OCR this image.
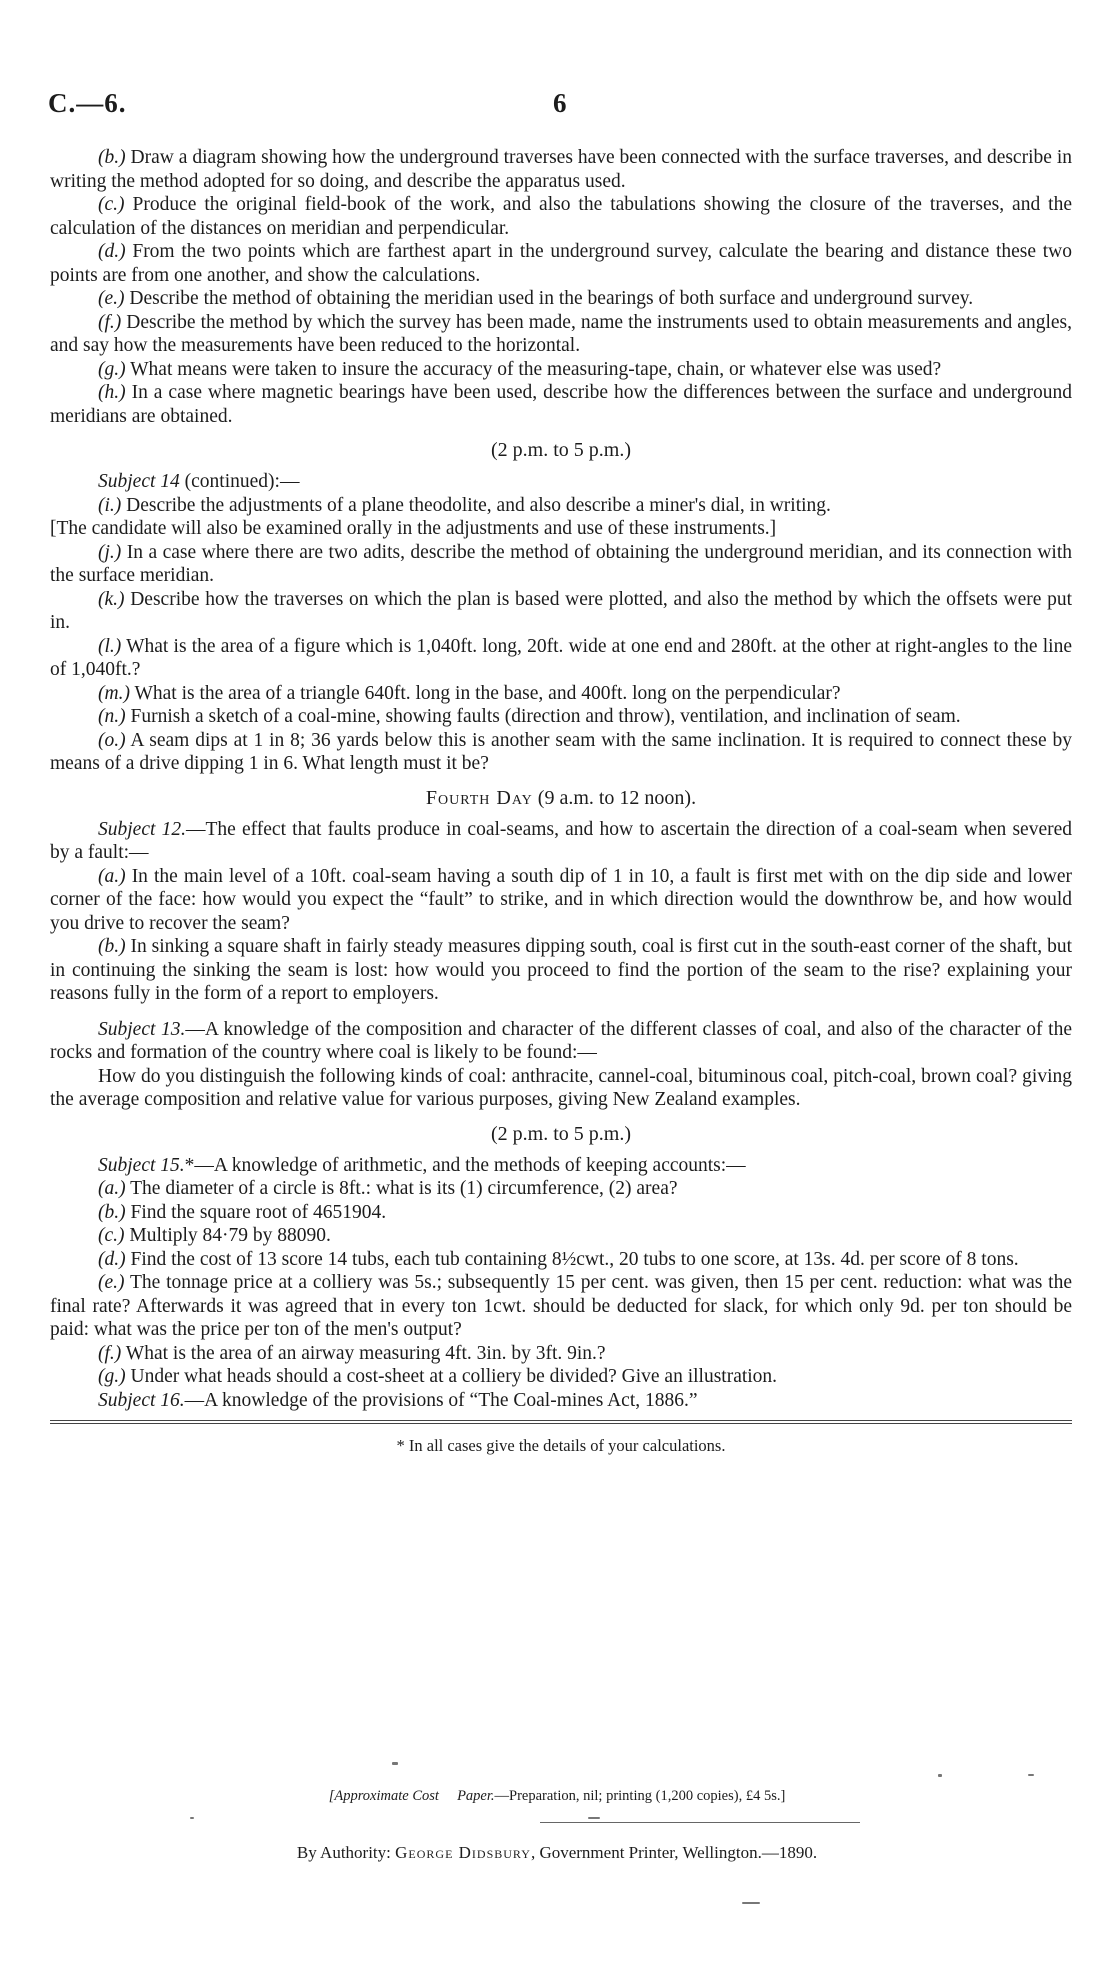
C.—6.	6

(b.) Draw a diagram showing how the underground traverses have been connected with the surface traverses, and describe in writing the method adopted for so doing, and describe the apparatus used.

(c.) Produce the original field-book of the work, and also the tabulations showing the closure of the traverses, and the calculation of the distances on meridian and perpendicular.

(d.) From the two points which are farthest apart in the underground survey, calculate the bearing and distance these two points are from one another, and show the calculations.

(e.) Describe the method of obtaining the meridian used in the bearings of both surface and underground survey.

(f.) Describe the method by which the survey has been made, name the instruments used to obtain measurements and angles, and say how the measurements have been reduced to the horizontal.

(g.) What means were taken to insure the accuracy of the measuring-tape, chain, or whatever else was used?

(h.) In a case where magnetic bearings have been used, describe how the differences between the surface and underground meridians are obtained.

(2 p.m. to 5 p.m.)

Subject 14 (continued):—

(i.) Describe the adjustments of a plane theodolite, and also describe a miner's dial, in writing.

[The candidate will also be examined orally in the adjustments and use of these instruments.]

(j.) In a case where there are two adits, describe the method of obtaining the underground meridian, and its connection with the surface meridian.

(k.) Describe how the traverses on which the plan is based were plotted, and also the method by which the offsets were put in.

(l.) What is the area of a figure which is 1,040ft. long, 20ft. wide at one end and 280ft. at the other at right-angles to the line of 1,040ft.?

(m.) What is the area of a triangle 640ft. long in the base, and 400ft. long on the perpendicular?

(n.) Furnish a sketch of a coal-mine, showing faults (direction and throw), ventilation, and inclination of seam.

(o.) A seam dips at 1 in 8; 36 yards below this is another seam with the same inclination. It is required to connect these by means of a drive dipping 1 in 6. What length must it be?

Fourth Day (9 a.m. to 12 noon).

Subject 12.—The effect that faults produce in coal-seams, and how to ascertain the direction of a coal-seam when severed by a fault:—

(a.) In the main level of a 10ft. coal-seam having a south dip of 1 in 10, a fault is first met with on the dip side and lower corner of the face: how would you expect the “fault” to strike, and in which direction would the downthrow be, and how would you drive to recover the seam?

(b.) In sinking a square shaft in fairly steady measures dipping south, coal is first cut in the south-east corner of the shaft, but in continuing the sinking the seam is lost: how would you proceed to find the portion of the seam to the rise? explaining your reasons fully in the form of a report to employers.

Subject 13.—A knowledge of the composition and character of the different classes of coal, and also of the character of the rocks and formation of the country where coal is likely to be found:—

How do you distinguish the following kinds of coal: anthracite, cannel-coal, bituminous coal, pitch-coal, brown coal? giving the average composition and relative value for various purposes, giving New Zealand examples.

(2 p.m. to 5 p.m.)

Subject 15.*—A knowledge of arithmetic, and the methods of keeping accounts:—

(a.) The diameter of a circle is 8ft.: what is its (1) circumference, (2) area?

(b.) Find the square root of 4651904.

(c.) Multiply 84·79 by 88090.

(d.) Find the cost of 13 score 14 tubs, each tub containing 8½cwt., 20 tubs to one score, at 13s. 4d. per score of 8 tons.

(e.) The tonnage price at a colliery was 5s.; subsequently 15 per cent. was given, then 15 per cent. reduction: what was the final rate? Afterwards it was agreed that in every ton 1cwt. should be deducted for slack, for which only 9d. per ton should be paid: what was the price per ton of the men's output?

(f.) What is the area of an airway measuring 4ft. 3in. by 3ft. 9in.?

(g.) Under what heads should a cost-sheet at a colliery be divided? Give an illustration.

Subject 16.—A knowledge of the provisions of “The Coal-mines Act, 1886.”

* In all cases give the details of your calculations.
[Approximate Cost Paper.—Preparation, nil; printing (1,200 copies), £4 5s.]
By Authority: George Didsbury, Government Printer, Wellington.—1890.
